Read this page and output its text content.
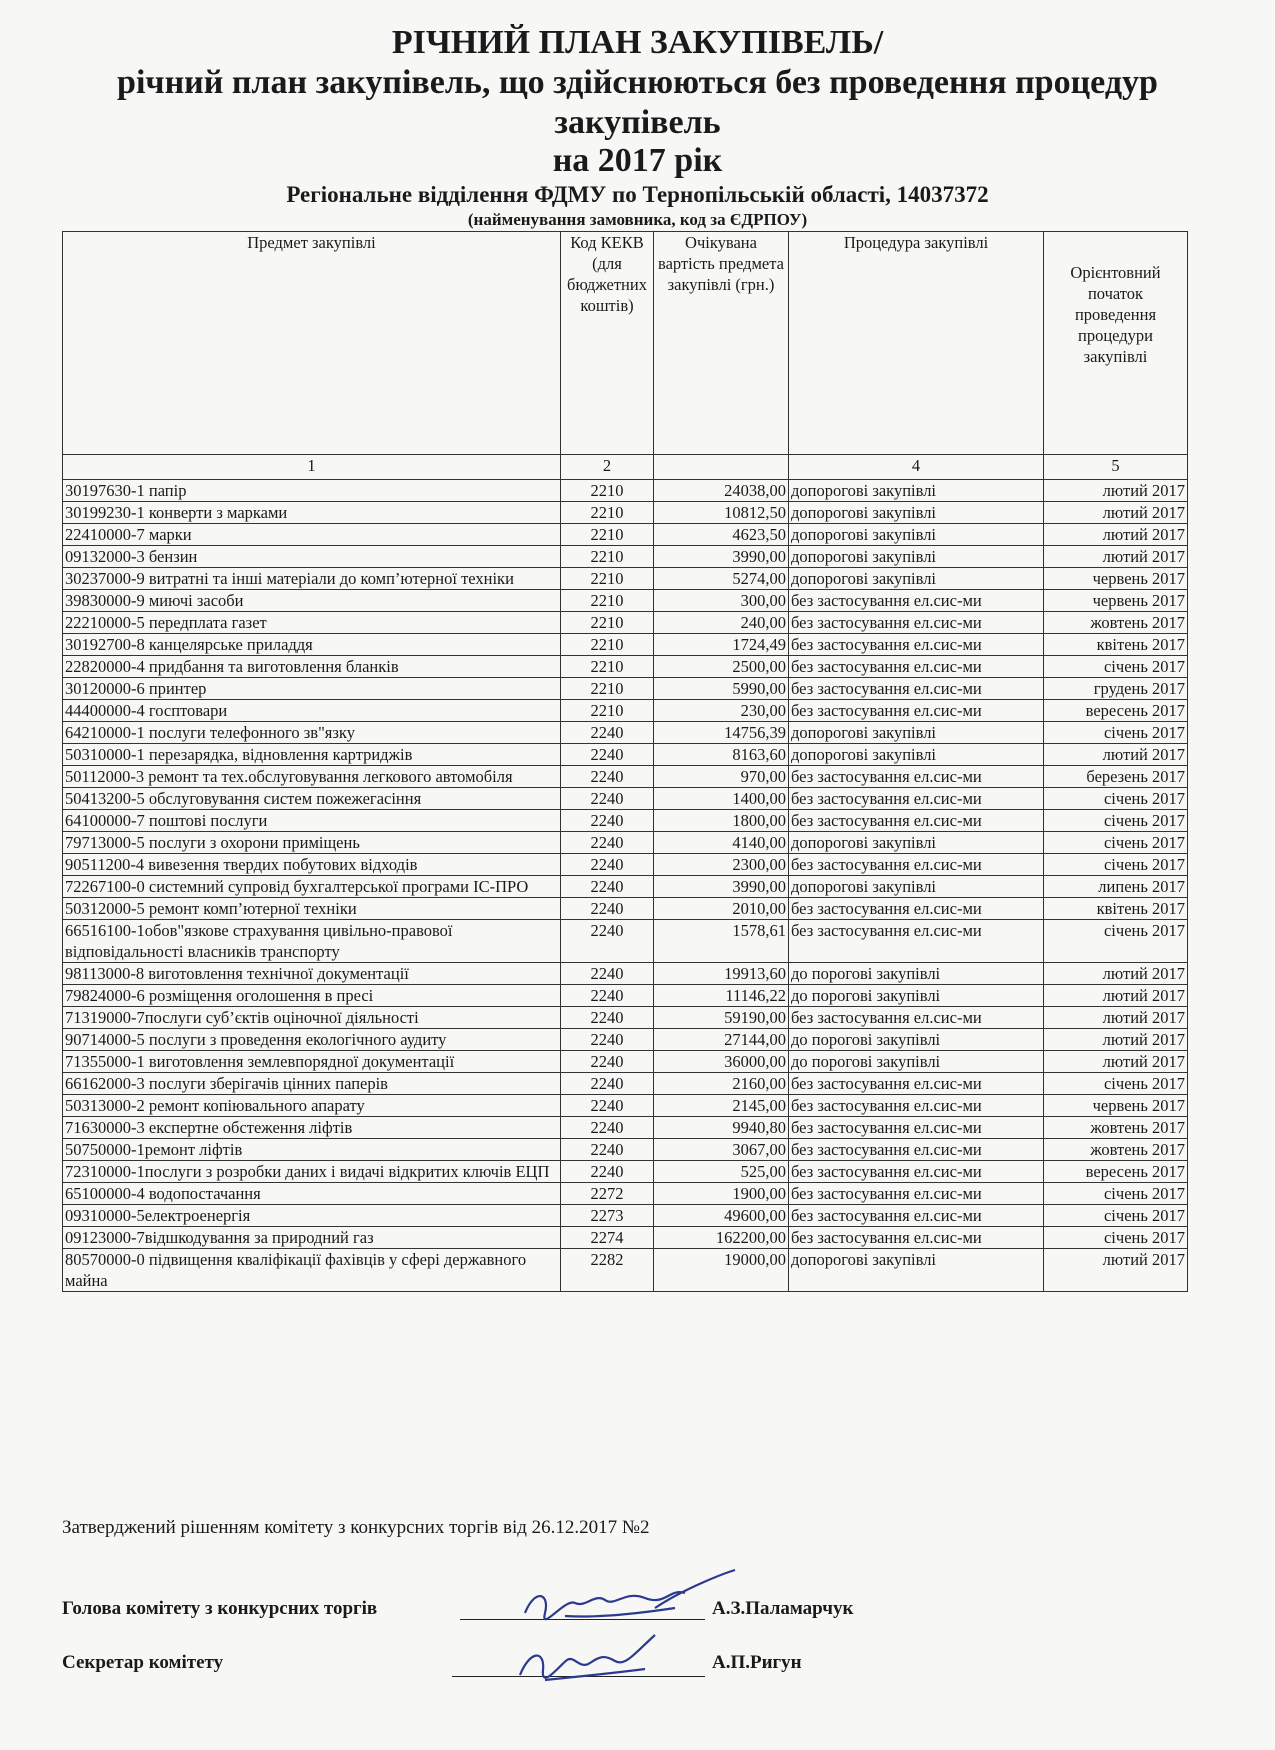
РІЧНИЙ ПЛАН ЗАКУПІВЕЛЬ/
річний план закупівель, що здійснюються без проведення процедур
закупівель
на 2017 рік
Регіональне відділення ФДМУ по Тернопільській області, 14037372
(найменування замовника, код за ЄДРПОУ)
Предмет закупівлі	Код КЕКВ (для бюджетних коштів)	Очікувана вартість предмета закупівлі (грн.)	Процедура закупівлі	Орієнтовний початок проведення процедури закупівлі
1	2		4	5
30197630-1 папір	2210	24038,00	допорогові закупівлі	лютий 2017
30199230-1 конверти з марками	2210	10812,50	допорогові закупівлі	лютий 2017
22410000-7 марки	2210	4623,50	допорогові закупівлі	лютий 2017
09132000-3 бензин	2210	3990,00	допорогові закупівлі	лютий 2017
30237000-9 витратні та інші матеріали до комп’ютерної техніки	2210	5274,00	допорогові закупівлі	червень 2017
39830000-9 миючі засоби	2210	300,00	без застосування ел.сис-ми	червень 2017
22210000-5 передплата газет	2210	240,00	без застосування ел.сис-ми	жовтень 2017
30192700-8 канцелярське приладдя	2210	1724,49	без застосування ел.сис-ми	квітень 2017
22820000-4 придбання та виготовлення бланків	2210	2500,00	без застосування ел.сис-ми	січень 2017
30120000-6 принтер	2210	5990,00	без застосування ел.сис-ми	грудень 2017
44400000-4 госптовари	2210	230,00	без застосування ел.сис-ми	вересень 2017
64210000-1 послуги телефонного зв"язку	2240	14756,39	допорогові закупівлі	січень 2017
50310000-1 перезарядка, відновлення картриджів	2240	8163,60	допорогові закупівлі	лютий 2017
50112000-3 ремонт та тех.обслуговування легкового автомобіля	2240	970,00	без застосування ел.сис-ми	березень 2017
50413200-5 обслуговування систем пожежегасіння	2240	1400,00	без застосування ел.сис-ми	січень 2017
64100000-7 поштові послуги	2240	1800,00	без застосування ел.сис-ми	січень 2017
79713000-5 послуги з охорони приміщень	2240	4140,00	допорогові закупівлі	січень 2017
90511200-4 вивезення твердих побутових відходів	2240	2300,00	без застосування ел.сис-ми	січень 2017
72267100-0 системний супровід бухгалтерської програми ІС-ПРО	2240	3990,00	допорогові закупівлі	липень 2017
50312000-5 ремонт комп’ютерної техніки	2240	2010,00	без застосування ел.сис-ми	квітень 2017
66516100-1обов"язкове страхування цивільно-правової відповідальності власників транспорту	2240	1578,61	без застосування ел.сис-ми	січень 2017
98113000-8 виготовлення технічної документації	2240	19913,60	до порогові закупівлі	лютий 2017
79824000-6 розміщення оголошення в пресі	2240	11146,22	до порогові закупівлі	лютий 2017
71319000-7послуги суб’єктів оціночної діяльності	2240	59190,00	без застосування ел.сис-ми	лютий 2017
90714000-5 послуги з проведення екологічного аудиту	2240	27144,00	до порогові закупівлі	лютий 2017
71355000-1 виготовлення землевпорядної документації	2240	36000,00	до порогові закупівлі	лютий 2017
66162000-3 послуги зберігачів цінних паперів	2240	2160,00	без застосування ел.сис-ми	січень 2017
50313000-2 ремонт копіювального апарату	2240	2145,00	без застосування ел.сис-ми	червень 2017
71630000-3 експертне обстеження ліфтів	2240	9940,80	без застосування ел.сис-ми	жовтень 2017
50750000-1ремонт ліфтів	2240	3067,00	без застосування ел.сис-ми	жовтень 2017
72310000-1послуги з розробки даних і видачі відкритих ключів ЕЦП	2240	525,00	без застосування ел.сис-ми	вересень 2017
65100000-4 водопостачання	2272	1900,00	без застосування ел.сис-ми	січень 2017
09310000-5електроенергія	2273	49600,00	без застосування ел.сис-ми	січень 2017
09123000-7відшкодування за природний газ	2274	162200,00	без застосування ел.сис-ми	січень 2017
80570000-0 підвищення кваліфікації фахівців у сфері державного майна	2282	19000,00	допорогові закупівлі	лютий 2017
Затверджений рішенням комітету з конкурсних торгів від 26.12.2017 №2
Голова комітету з конкурсних торгів	А.З.Паламарчук
Секретар комітету	А.П.Ригун
